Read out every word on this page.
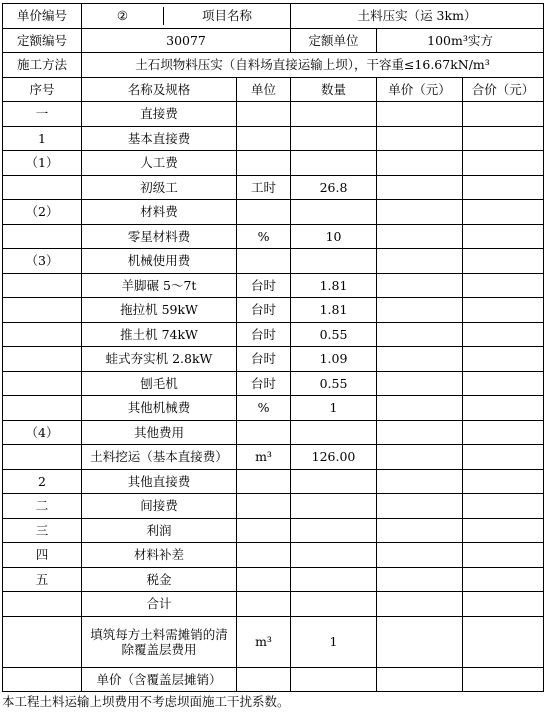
单价编号	② 项目名称		土料压实（运 3km）		
定额编号	30077		定额单位	100m³实方	
施工方法	土石坝物料压实（自料场直接运输上坝），干容重≤16.67kN/m³				
序号	名称及规格	单位	数量	单价（元）	合价（元）
一	直接费				
1	基本直接费				
（1）	人工费				
	初级工	工时	26.8		
（2）	材料费				
	零星材料费	%	10		
（3）	机械使用费				
	羊脚碾 5～7t	台时	1.81		
	拖拉机 59kW	台时	1.81		
	推土机 74kW	台时	0.55		
	蛙式夯实机 2.8kW	台时	1.09		
	刨毛机	台时	0.55		
	其他机械费	%	1		
（4）	其他费用				
	土料挖运（基本直接费）	m³	126.00		
2	其他直接费				
二	间接费				
三	利润				
四	材料补差				
五	税金				
	合计				
	填筑每方土料需摊销的清除覆盖层费用	m³	1		
	单价（含覆盖层摊销）				
本工程土料运输上坝费用不考虑坝面施工干扰系数。
